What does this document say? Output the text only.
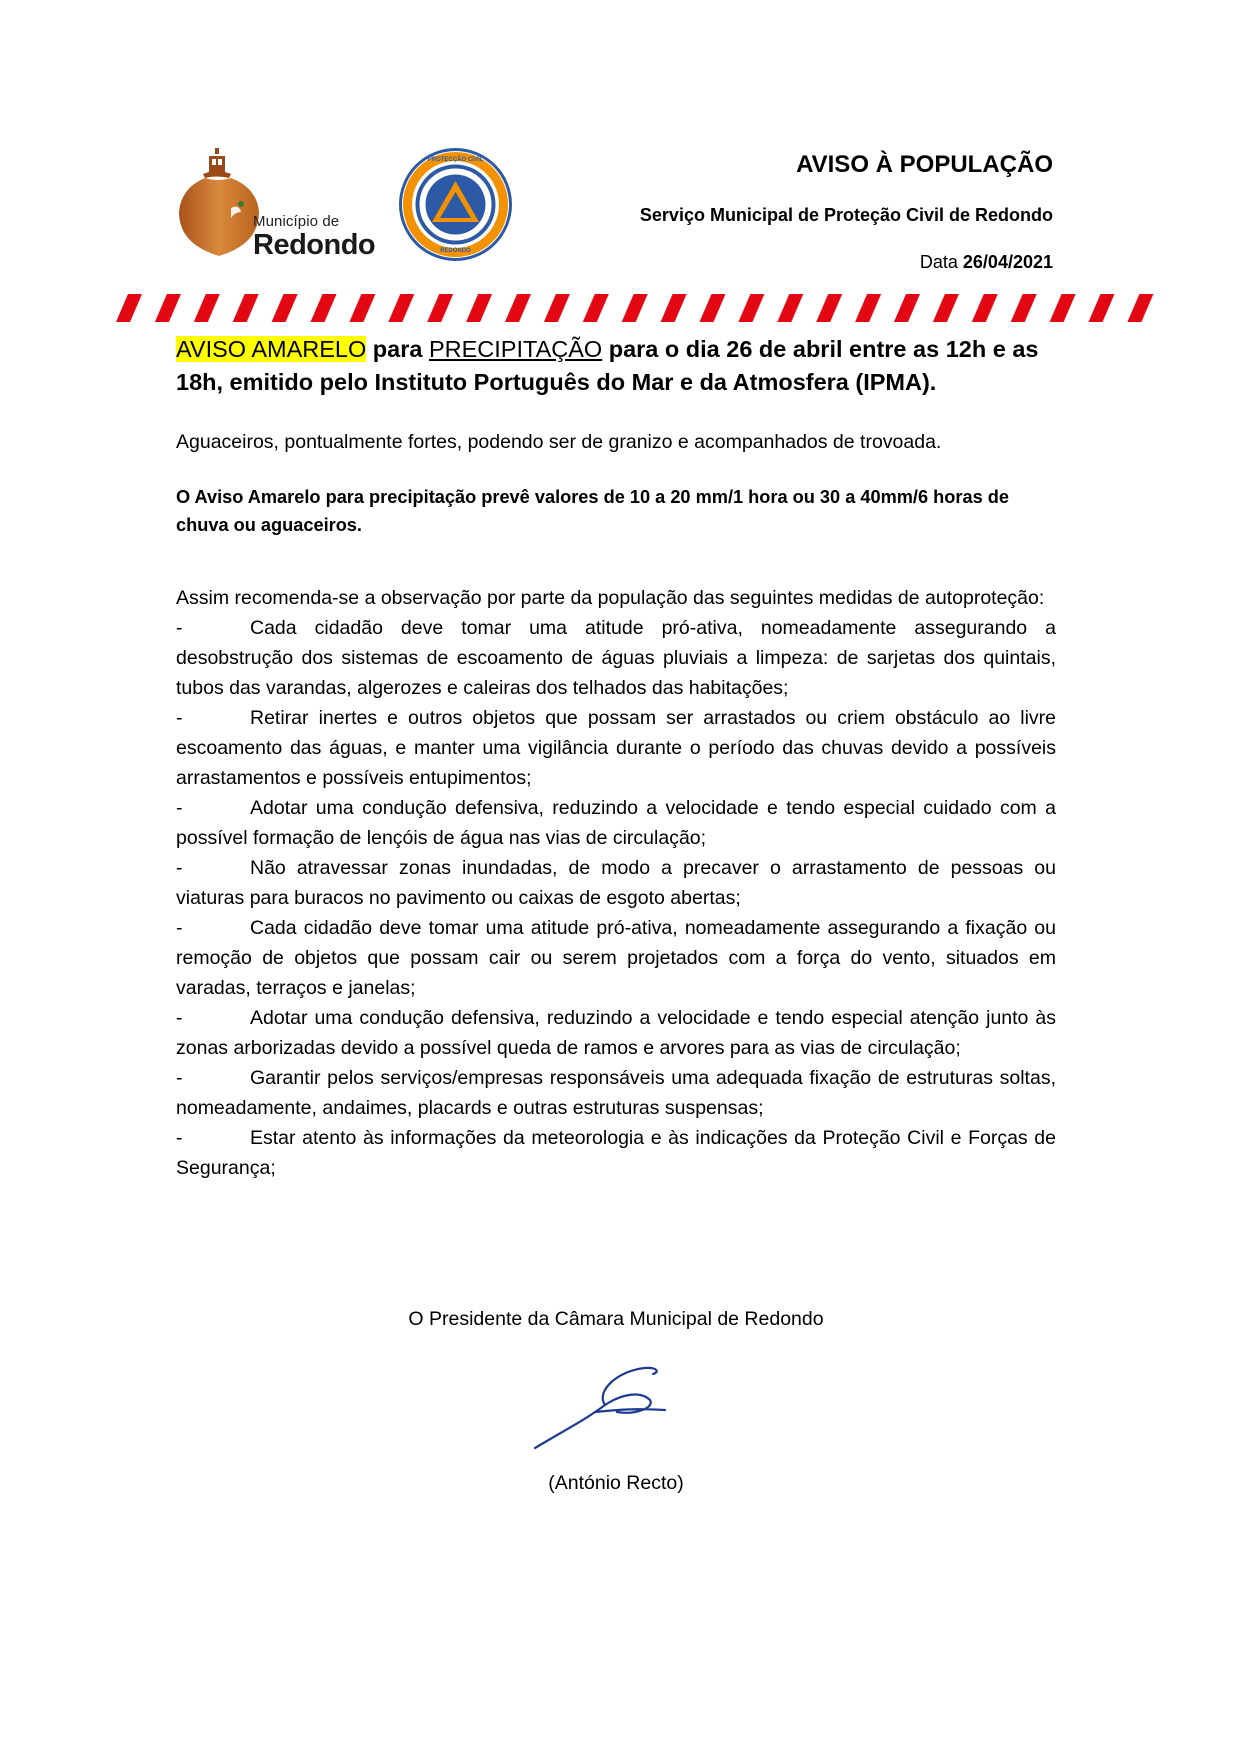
Município de
Redondo
PROTECÇÃO CIVIL
REDONDO
AVISO À POPULAÇÃO
Serviço Municipal de Proteção Civil de Redondo
Data 26/04/2021

AVISO AMARELO para PRECIPITAÇÃO para o dia 26 de abril entre as 12h e as 18h, emitido pelo Instituto Português do Mar e da Atmosfera (IPMA).

Aguaceiros, pontualmente fortes, podendo ser de granizo e acompanhados de trovoada.

O Aviso Amarelo para precipitação prevê valores de 10 a 20 mm/1 hora ou 30 a 40mm/6 horas de chuva ou aguaceiros.

Assim recomenda-se a observação por parte da população das seguintes medidas de autoproteção:

-	Cada cidadão deve tomar uma atitude pró-ativa, nomeadamente assegurando a desobstrução dos sistemas de escoamento de águas pluviais a limpeza: de sarjetas dos quintais, tubos das varandas, algerozes e caleiras dos telhados das habitações;
-	Retirar inertes e outros objetos que possam ser arrastados ou criem obstáculo ao livre escoamento das águas, e manter uma vigilância durante o período das chuvas devido a possíveis arrastamentos e possíveis entupimentos;
-	Adotar uma condução defensiva, reduzindo a velocidade e tendo especial cuidado com a possível formação de lençóis de água nas vias de circulação;
-	Não atravessar zonas inundadas, de modo a precaver o arrastamento de pessoas ou viaturas para buracos no pavimento ou caixas de esgoto abertas;
-	Cada cidadão deve tomar uma atitude pró-ativa, nomeadamente assegurando a fixação ou remoção de objetos que possam cair ou serem projetados com a força do vento, situados em varadas, terraços e janelas;
-	Adotar uma condução defensiva, reduzindo a velocidade e tendo especial atenção junto às zonas arborizadas devido a possível queda de ramos e arvores para as vias de circulação;
-	Garantir pelos serviços/empresas responsáveis uma adequada fixação de estruturas soltas, nomeadamente, andaimes, placards e outras estruturas suspensas;
-	Estar atento às informações da meteorologia e às indicações da Proteção Civil e Forças de Segurança;
O Presidente da Câmara Municipal de Redondo
(António Recto)
